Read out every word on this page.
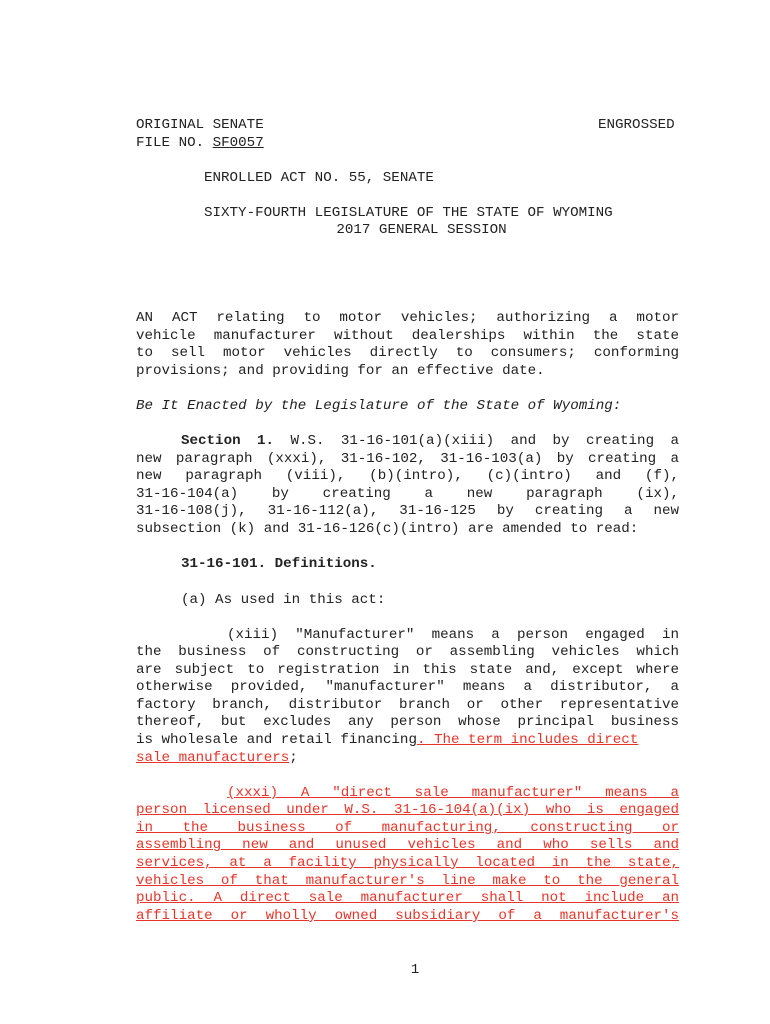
ORIGINAL SENATE	ENGROSSED
FILE NO. SF0057
ENROLLED ACT NO. 55, SENATE
SIXTY-FOURTH LEGISLATURE OF THE STATE OF WYOMING
2017 GENERAL SESSION
AN ACT relating to motor vehicles; authorizing a motor
vehicle manufacturer without dealerships within the state
to sell motor vehicles directly to consumers; conforming
provisions; and providing for an effective date.
Be It Enacted by the Legislature of the State of Wyoming:
Section 1. W.S. 31-16-101(a)(xiii) and by creating a
new paragraph (xxxi), 31-16-102, 31-16-103(a) by creating a
new paragraph (viii), (b)(intro), (c)(intro) and (f),
31-16-104(a) by creating a new paragraph (ix),
31-16-108(j), 31-16-112(a), 31-16-125 by creating a new
subsection (k) and 31-16-126(c)(intro) are amended to read:
31-16-101. Definitions.
(a) As used in this act:
(xiii) "Manufacturer" means a person engaged in
the business of constructing or assembling vehicles which
are subject to registration in this state and, except where
otherwise provided, "manufacturer" means a distributor, a
factory branch, distributor branch or other representative
thereof, but excludes any person whose principal business
is wholesale and retail financing. The term includes direct
sale manufacturers;
(xxxi) A "direct sale manufacturer" means a
person licensed under W.S. 31-16-104(a)(ix) who is engaged
in the business of manufacturing, constructing or
assembling new and unused vehicles and who sells and
services, at a facility physically located in the state,
vehicles of that manufacturer's line make to the general
public. A direct sale manufacturer shall not include an
affiliate or wholly owned subsidiary of a manufacturer's
1
